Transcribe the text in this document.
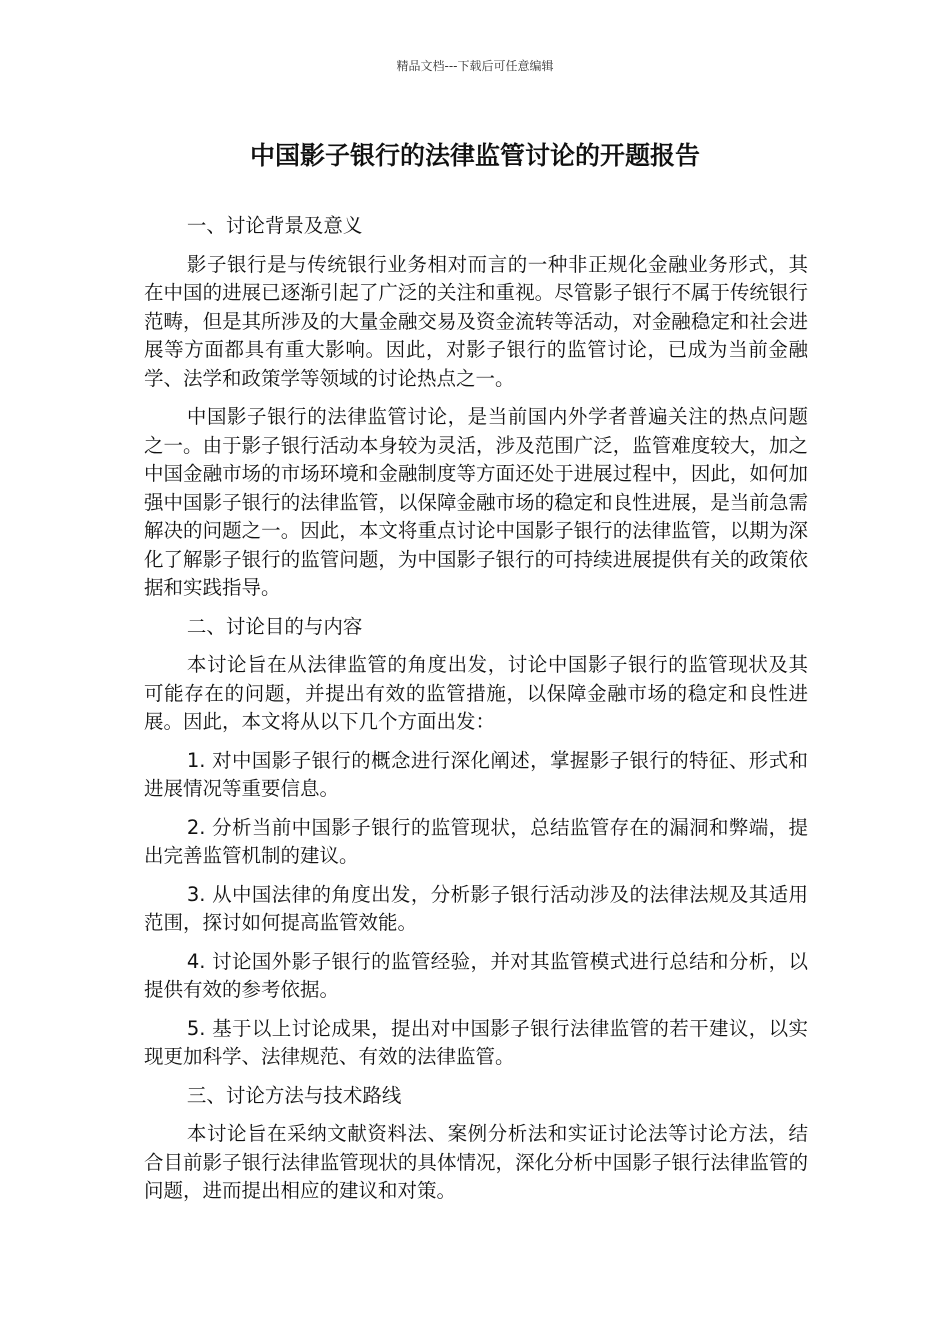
精品文档---下载后可任意编辑
中国影子银行的法律监管讨论的开题报告

一、讨论背景及意义

影子银行是与传统银行业务相对而言的一种非正规化金融业务形式，其在中国的进展已逐渐引起了广泛的关注和重视。尽管影子银行不属于传统银行范畴，但是其所涉及的大量金融交易及资金流转等活动，对金融稳定和社会进展等方面都具有重大影响。因此，对影子银行的监管讨论，已成为当前金融学、法学和政策学等领域的讨论热点之一。

中国影子银行的法律监管讨论，是当前国内外学者普遍关注的热点问题之一。由于影子银行活动本身较为灵活，涉及范围广泛，监管难度较大，加之中国金融市场的市场环境和金融制度等方面还处于进展过程中，因此，如何加强中国影子银行的法律监管，以保障金融市场的稳定和良性进展，是当前急需解决的问题之一。因此，本文将重点讨论中国影子银行的法律监管，以期为深化了解影子银行的监管问题，为中国影子银行的可持续进展提供有关的政策依据和实践指导。

二、讨论目的与内容

本讨论旨在从法律监管的角度出发，讨论中国影子银行的监管现状及其可能存在的问题，并提出有效的监管措施，以保障金融市场的稳定和良性进展。因此，本文将从以下几个方面出发：

1. 对中国影子银行的概念进行深化阐述，掌握影子银行的特征、形式和进展情况等重要信息。

2. 分析当前中国影子银行的监管现状，总结监管存在的漏洞和弊端，提出完善监管机制的建议。

3. 从中国法律的角度出发，分析影子银行活动涉及的法律法规及其适用范围，探讨如何提高监管效能。

4. 讨论国外影子银行的监管经验，并对其监管模式进行总结和分析，以提供有效的参考依据。

5. 基于以上讨论成果，提出对中国影子银行法律监管的若干建议，以实现更加科学、法律规范、有效的法律监管。

三、讨论方法与技术路线

本讨论旨在采纳文献资料法、案例分析法和实证讨论法等讨论方法，结合目前影子银行法律监管现状的具体情况，深化分析中国影子银行法律监管的问题，进而提出相应的建议和对策。
